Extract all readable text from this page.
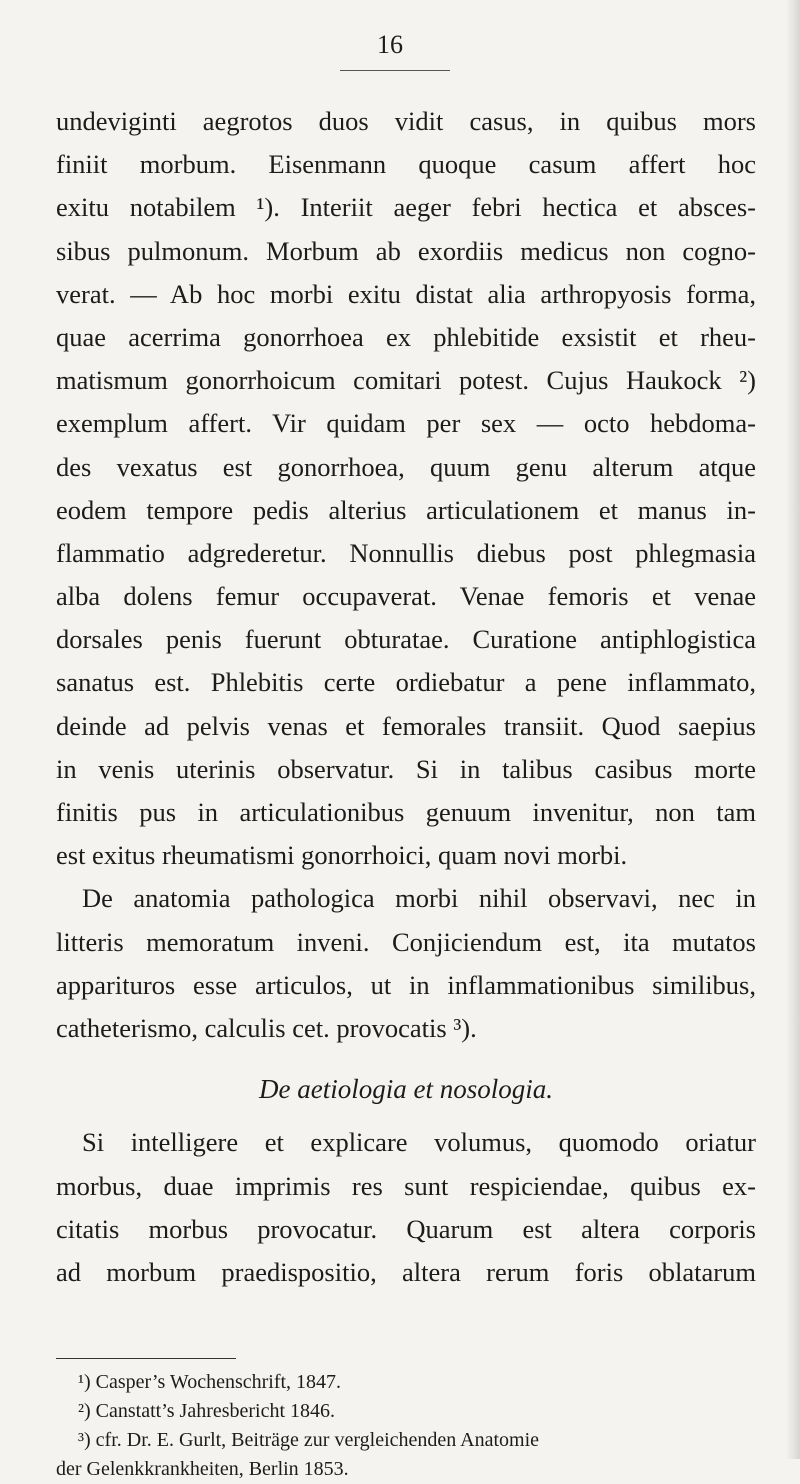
16
undeviginti aegrotos duos vidit casus, in quibus mors
finiit morbum. Eisenmann quoque casum affert hoc
exitu notabilem ¹). Interiit aeger febri hectica et absces-
sibus pulmonum. Morbum ab exordiis medicus non cogno-
verat. — Ab hoc morbi exitu distat alia arthropyosis forma,
quae acerrima gonorrhoea ex phlebitide exsistit et rheu-
matismum gonorrhoicum comitari potest. Cujus Haukock ²)
exemplum affert. Vir quidam per sex — octo hebdoma-
des vexatus est gonorrhoea, quum genu alterum atque
eodem tempore pedis alterius articulationem et manus in-
flammatio adgrederetur. Nonnullis diebus post phlegmasia
alba dolens femur occupaverat. Venae femoris et venae
dorsales penis fuerunt obturatae. Curatione antiphlogistica
sanatus est. Phlebitis certe ordiebatur a pene inflammato,
deinde ad pelvis venas et femorales transiit. Quod saepius
in venis uterinis observatur. Si in talibus casibus morte
finitis pus in articulationibus genuum invenitur, non tam
est exitus rheumatismi gonorrhoici, quam novi morbi.
De anatomia pathologica morbi nihil observavi, nec in
litteris memoratum inveni. Conjiciendum est, ita mutatos
apparituros esse articulos, ut in inflammationibus similibus,
catheterismo, calculis cet. provocatis ³).
De aetiologia et nosologia.
Si intelligere et explicare volumus, quomodo oriatur
morbus, duae imprimis res sunt respiciendae, quibus ex-
citatis morbus provocatur. Quarum est altera corporis
ad morbum praedispositio, altera rerum foris oblatarum
¹) Casper’s Wochenschrift, 1847.
²) Canstatt’s Jahresbericht 1846.
³) cfr. Dr. E. Gurlt, Beiträge zur vergleichenden Anatomie
der Gelenkkrankheiten, Berlin 1853.
